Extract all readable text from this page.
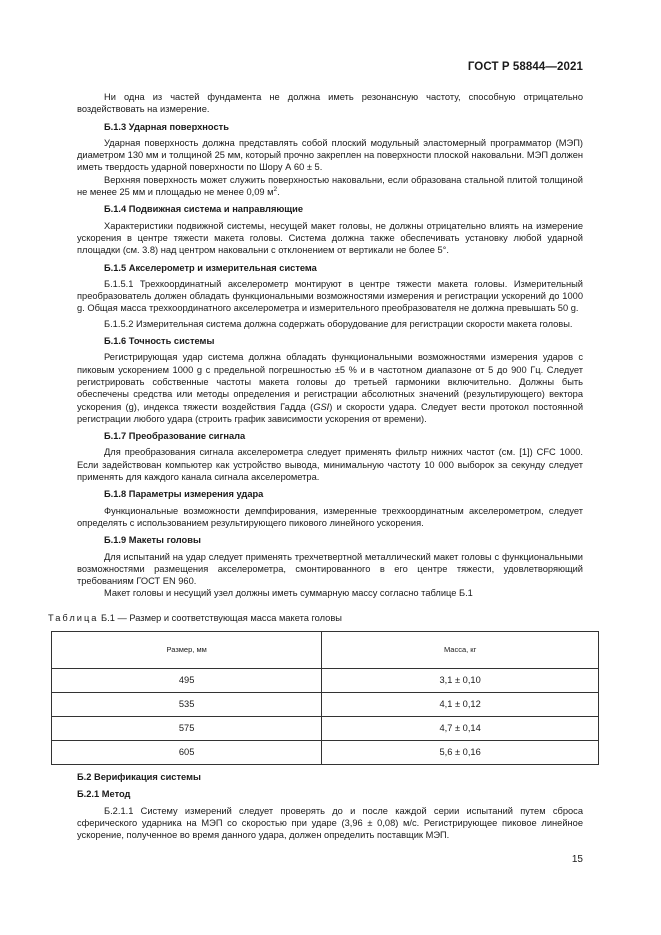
ГОСТ Р 58844—2021

Ни одна из частей фундамента не должна иметь резонансную частоту, способную отрицательно воздействовать на измерение.

Б.1.3 Ударная поверхность

Ударная поверхность должна представлять собой плоский модульный эластомерный программатор (МЭП) диаметром 130 мм и толщиной 25 мм, который прочно закреплен на поверхности плоской наковальни. МЭП должен иметь твердость ударной поверхности по Шору А 60 ± 5.

Верхняя поверхность может служить поверхностью наковальни, если образована стальной плитой толщиной не менее 25 мм и площадью не менее 0,09 $м^2$.

Б.1.4 Подвижная система и направляющие

Характеристики подвижной системы, несущей макет головы, не должны отрицательно влиять на измерение ускорения в центре тяжести макета головы. Система должна также обеспечивать установку любой ударной площадки (см. 3.8) над центром наковальни с отклонением от вертикали не более 5°.

Б.1.5 Акселерометр и измерительная система

Б.1.5.1 Трехкоординатный акселерометр монтируют в центре тяжести макета головы. Измерительный преобразователь должен обладать функциональными возможностями измерения и регистрации ускорений до 1000 g. Общая масса трехкоординатного акселерометра и измерительного преобразователя не должна превышать 50 g.

Б.1.5.2 Измерительная система должна содержать оборудование для регистрации скорости макета головы.

Б.1.6 Точность системы

Регистрирующая удар система должна обладать функциональными возможностями измерения ударов с пиковым ускорением 1000 g с предельной погрешностью ±5 % и в частотном диапазоне от 5 до 900 Гц. Следует регистрировать собственные частоты макета головы до третьей гармоники включительно. Должны быть обеспечены средства или методы определения и регистрации абсолютных значений (результирующего) вектора ускорения (g), индекса тяжести воздействия Гадда (GSI) и скорости удара. Следует вести протокол постоянной регистрации любого удара (строить график зависимости ускорения от времени).

Б.1.7 Преобразование сигнала

Для преобразования сигнала акселерометра следует применять фильтр нижних частот (см. [1]) CFC 1000. Если задействован компьютер как устройство вывода, минимальную частоту 10 000 выборок за секунду следует применять для каждого канала сигнала акселерометра.

Б.1.8 Параметры измерения удара

Функциональные возможности демпфирования, измеренные трехкоординатным акселерометром, следует определять с использованием результирующего пикового линейного ускорения.

Б.1.9 Макеты головы

Для испытаний на удар следует применять трехчетвертной металлический макет головы с функциональными возможностями размещения акселерометра, смонтированного в его центре тяжести, удовлетворяющий требованиям ГОСТ EN 960.

Макет головы и несущий узел должны иметь суммарную массу согласно таблице Б.1

Таблица Б.1 — Размер и соответствующая масса макета головы
Размер, мм	Масса, кг
495	3,1 ± 0,10
535	4,1 ± 0,12
575	4,7 ± 0,14
605	5,6 ± 0,16

Б.2 Верификация системы

Б.2.1 Метод

Б.2.1.1 Систему измерений следует проверять до и после каждой серии испытаний путем сброса сферического ударника на МЭП со скоростью при ударе (3,96 ± 0,08) м/с. Регистрирующее пиковое линейное ускорение, полученное во время данного удара, должен определить поставщик МЭП.

15
